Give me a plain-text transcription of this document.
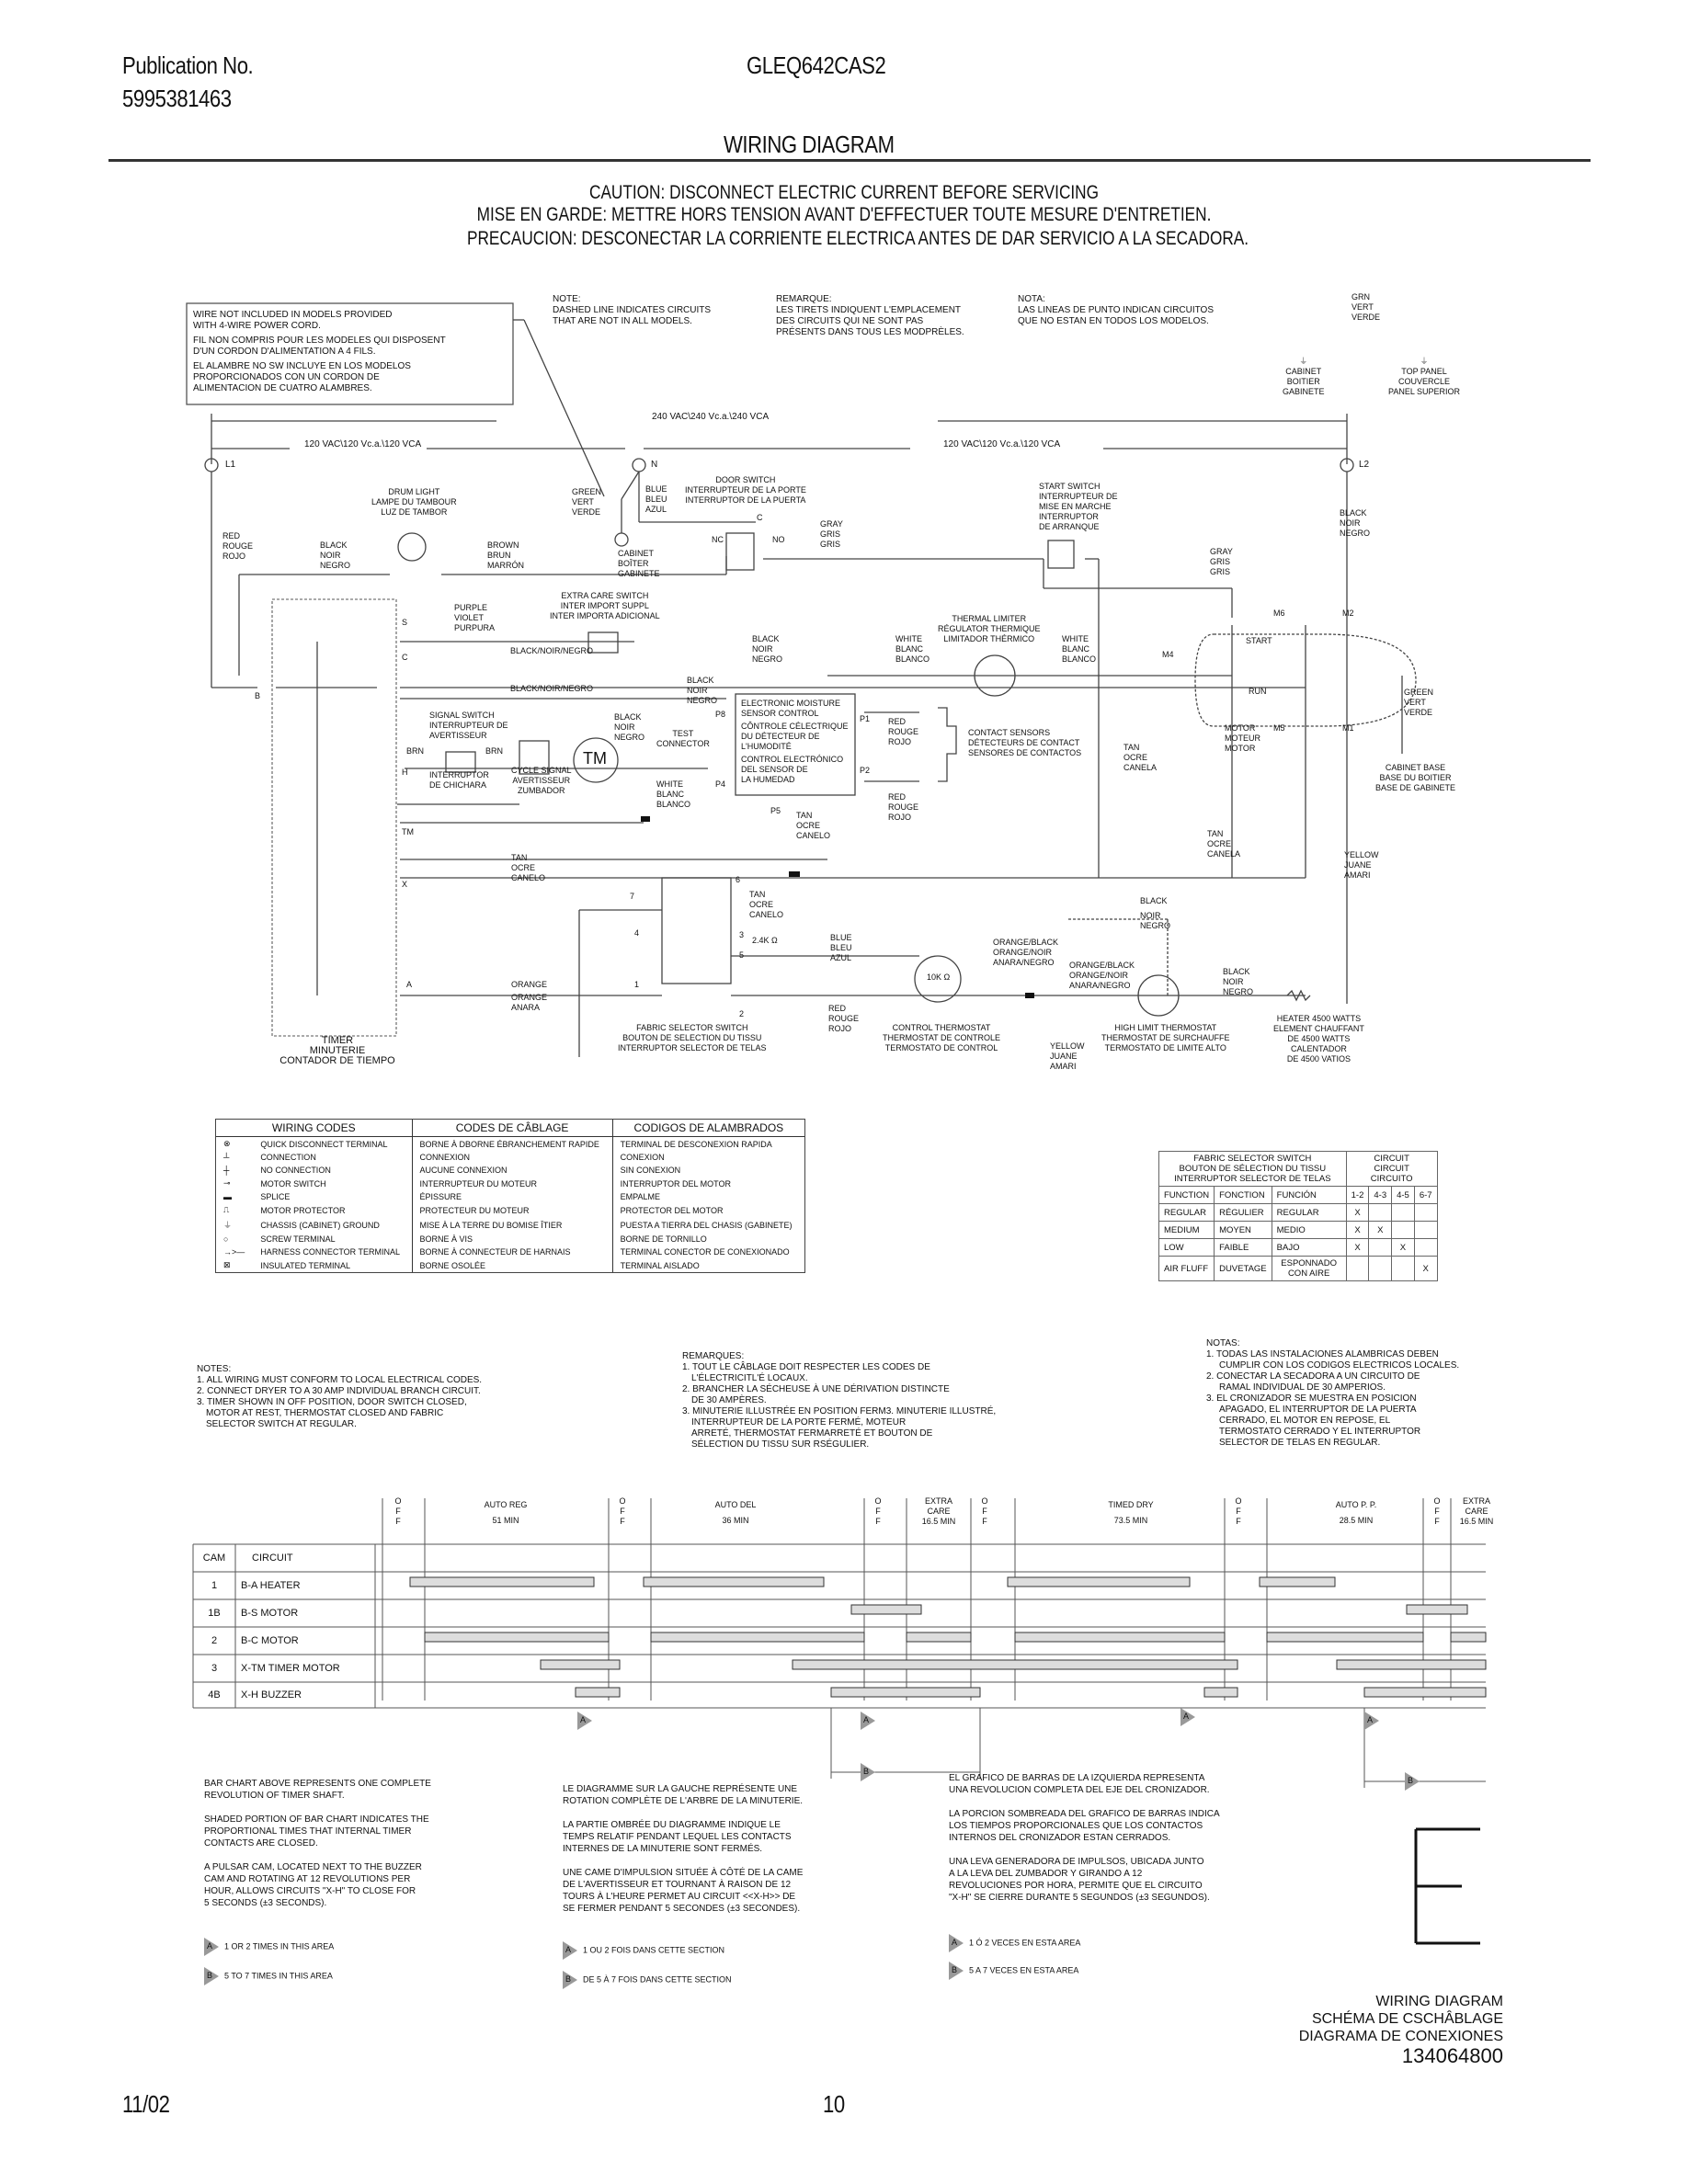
Publication No.
5995381463
GLEQ642CAS2
WIRING DIAGRAM
CAUTION: DISCONNECT ELECTRIC CURRENT BEFORE SERVICING
MISE EN GARDE: METTRE HORS TENSION AVANT D'EFFECTUER TOUTE MESURE D'ENTRETIEN.
PRECAUCION: DESCONECTAR LA CORRIENTE ELECTRICA ANTES DE DAR SERVICIO A LA SECADORA.
WIRE NOT INCLUDED IN MODELS PROVIDED
WITH 4-WIRE POWER CORD.
FIL NON COMPRIS POUR LES MODELES QUI DISPOSENT
D'UN CORDON D'ALIMENTATION A 4 FILS.
EL ALAMBRE NO SW INCLUYE EN LOS MODELOS
PROPORCIONADOS CON UN CORDON DE
ALIMENTACION DE CUATRO ALAMBRES.
NOTE:
DASHED LINE INDICATES CIRCUITS
THAT ARE NOT IN ALL MODELS.
REMARQUE:
LES TIRETS INDIQUENT L'EMPLACEMENT
DES CIRCUITS QUI NE SONT PAS
PRÉSENTS DANS TOUS LES MODPRÈLES.
NOTA:
LAS LINEAS DE PUNTO INDICAN CIRCUITOS
QUE NO ESTAN EN TODOS LOS MODELOS.
GRN
VERT
VERDE
⏚
CABINET
BOITIER
GABINETE
⏚
TOP PANEL
COUVERCLE
PANEL SUPERIOR
240 VAC\240 Vc.a.\240 VCA
120 VAC\120 Vc.a.\120 VCA	120 VAC\120 Vc.a.\120 VCA
L1	N	L2
DRUM LIGHT
LAMPE DU TAMBOUR
LUZ DE TAMBOR
RED
ROUGE
ROJO
BLACK
NOIR
NEGRO
BROWN
BRUN
MARRÓN
GREEN
VERT
VERDE
CABINET
BOÎTER
GABINETE
BLUE
BLEU
AZUL
DOOR SWITCH
INTERRUPTEUR DE LA PORTE
INTERRUPTOR DE LA PUERTA
C
NC	NO
GRAY
GRIS
GRIS
START SWITCH
INTERRUPTEUR DE
MISE EN MARCHE
INTERRUPTOR
DE ARRANQUE
GRAY
GRIS
GRIS
BLACK
NOIR
NEGRO
M6	M2
M4
M5	M1
START
RUN
MOTOR
MOTEUR
MOTOR
GREEN
VERT
VERDE
CABINET BASE
BASE DU BOITIER
BASE DE GABINETE
THERMAL LIMITER
RÉGULATOR THERMIQUE
LIMITADOR THÉRMICO
WHITE
BLANC
BLANCO
WHITE
BLANC
BLANCO
BLACK
NOIR
NEGRO
EXTRA CARE SWITCH
INTER IMPORT SUPPL
INTER IMPORTA ADICIONAL
PURPLE
VIOLET
PURPURA
BLACK/NOIR/NEGRO
BLACK/NOIR/NEGRO
S
C
B
H
TM
X
A
SIGNAL SWITCH
INTERRUPTEUR DE
AVERTISSEUR
INTERRUPTOR
DE CHICHARA
BRN	BRN
CYCLE SIGNAL
AVERTISSEUR
ZUMBADOR
TM
BLACK
NOIR
NEGRO	TEST
CONNECTOR
BLACK
NOIR
NEGRO
WHITE
BLANC
BLANCO
ELECTRONIC MOISTURE
SENSOR CONTROL
CÔNTROLE CÉLECTRIQUE
DU DÉTECTEUR DE
L'HUMODITÉ
CONTROL ELECTRÓNICO
DEL SENSOR DE
LA HUMEDAD
P8	P1
P2
P4
P5
RED
ROUGE
ROJO
RED
ROUGE
ROJO
TAN
OCRE
CANELO
CONTACT SENSORS
DÉTECTEURS DE CONTACT
SENSORES DE CONTACTOS
TAN
OCRE
CANELA
TAN
OCRE
CANELA	YELLOW
JUANE
AMARI
TAN
OCRE
CANELO
TAN
OCRE
CANELO
ORANGE
ORANGE
ANARA
7
6
4	3
5
1
2
2.4K Ω
FABRIC SELECTOR SWITCH
BOUTON DE SELECTION DU TISSU
INTERRUPTOR SELECTOR DE TELAS
BLUE
BLEU
AZUL
RED
ROUGE
ROJO
10K Ω
CONTROL THERMOSTAT
THERMOSTAT DE CONTROLE
TERMOSTATO DE CONTROL
ORANGE/BLACK
ORANGE/NOIR
ANARA/NEGRO	ORANGE/BLACK
ORANGE/NOIR
ANARA/NEGRO
BLACK
NOIR
NEGRO
BLACK
NOIR
NEGRO
YELLOW
JUANE
AMARI
HIGH LIMIT THERMOSTAT
THERMOSTAT DE SURCHAUFFE
TERMOSTATO DE LIMITE ALTO
HEATER 4500 WATTS
ELEMENT CHAUFFANT
DE 4500 WATTS
CALENTADOR
DE 4500 VATIOS
TIMER
MINUTERIE
CONTADOR DE TIEMPO
WIRING CODES		CODES DE CÂBLAGE	CODIGOS DE ALAMBRADOS
⊗	QUICK DISCONNECT TERMINAL	BORNE À DBORNE ÉBRANCHEMENT RAPIDE	TERMINAL DE DESCONEXION RAPIDA
┴	CONNECTION	CONNEXION	CONEXION
┼	NO CONNECTION	AUCUNE CONNEXION	SIN CONEXION
⊸	MOTOR SWITCH	INTERRUPTEUR DU MOTEUR	INTERRUPTOR DEL MOTOR
▬	SPLICE	ÉPISSURE	EMPALME
⎍	MOTOR PROTECTOR	PROTECTEUR DU MOTEUR	PROTECTOR DEL MOTOR
⏚	CHASSIS (CABINET) GROUND	MISE À LA TERRE DU BOMISE ÎTIER	PUESTA A TIERRA DEL CHASIS (GABINETE)
○	SCREW TERMINAL	BORNE À VIS	BORNE DE TORNILLO
→>—	HARNESS CONNECTOR TERMINAL	BORNE À CONNECTEUR DE HARNAIS	TERMINAL CONECTOR DE CONEXIONADO
⊠	INSULATED TERMINAL	BORNE OSOLÉE	TERMINAL AISLADO
FABRIC SELECTOR SWITCH
BOUTON DE SÉLECTION DU TISSU
INTERRUPTOR SELECTOR DE TELAS

CIRCUIT
CIRCUIT
CIRCUITO

FUNCTION	FONCTION	FUNCIÓN	1-2	4-3	4-5	6-7
REGULAR	RÉGULIER	REGULAR	X			
MEDIUM	MOYEN	MEDIO	X	X		
LOW	FAIBLE	BAJO	X		X	
AIR FLUFF	DUVETAGE	ESPONNADO CON AIRE				X
NOTES:
1. ALL WIRING MUST CONFORM TO LOCAL ELECTRICAL CODES.
2. CONNECT DRYER TO A 30 AMP INDIVIDUAL BRANCH CIRCUIT.
3. TIMER SHOWN IN OFF POSITION, DOOR SWITCH CLOSED,
MOTOR AT REST, THERMOSTAT CLOSED AND FABRIC
SELECTOR SWITCH AT REGULAR.
REMARQUES:
1. TOUT LE CÂBLAGE DOIT RESPECTER LES CODES DE
L'ÉLECTRICITL'É LOCAUX.
2. BRANCHER LA SÉCHEUSE À UNE DÉRIVATION DISTINCTE
DE 30 AMPÈRES.
3. MINUTERIE ILLUSTRÉE EN POSITION FERM3. MINUTERIE ILLUSTRÉ,
INTERRUPTEUR DE LA PORTE FERMÉ, MOTEUR
ARRETÉ, THERMOSTAT FERMARRETÉ ET BOUTON DE
SÉLECTION DU TISSU SUR RSÉGULIER.
NOTAS:
1. TODAS LAS INSTALACIONES ALAMBRICAS DEBEN
CUMPLIR CON LOS CODIGOS ELECTRICOS LOCALES.
2. CONECTAR LA SECADORA A UN CIRCUITO DE
RAMAL INDIVIDUAL DE 30 AMPERIOS.
3. EL CRONIZADOR SE MUESTRA EN POSICION
APAGADO, EL INTERRUPTOR DE LA PUERTA
CERRADO, EL MOTOR EN REPOSE, EL
TERMOSTATO CERRADO Y EL INTERRUPTOR
SELECTOR DE TELAS EN REGULAR.
O
F
F
AUTO REG
51 MIN
O
F
F
AUTO DEL
36 MIN
O
F
F
EXTRA CARE
16.5 MIN
O
F
F
TIMED DRY
73.5 MIN
O
F
F
AUTO P. P.
28.5 MIN
O
F
F
EXTRA CARE
16.5 MIN
CAM	CIRCUIT
1	B-A HEATER
1B	B-S MOTOR
2	B-C MOTOR
3	X-TM TIMER MOTOR
4B	X-H BUZZER
A	A	A	A
B
B
BAR CHART ABOVE REPRESENTS ONE COMPLETE
REVOLUTION OF TIMER SHAFT.

SHADED PORTION OF BAR CHART INDICATES THE
PROPORTIONAL TIMES THAT INTERNAL TIMER
CONTACTS ARE CLOSED.

A PULSAR CAM, LOCATED NEXT TO THE BUZZER
CAM AND ROTATING AT 12 REVOLUTIONS PER
HOUR, ALLOWS CIRCUITS "X-H" TO CLOSE FOR
5 SECONDS (±3 SECONDS).
LE DIAGRAMME SUR LA GAUCHE REPRÉSENTE UNE
ROTATION COMPLÈTE DE L'ARBRE DE LA MINUTERIE.

LA PARTIE OMBRÉE DU DIAGRAMME INDIQUE LE
TEMPS RELATIF PENDANT LEQUEL LES CONTACTS
INTERNES DE LA MINUTERIE SONT FERMÉS.

UNE CAME D'IMPULSION SITUÉE À CÔTÉ DE LA CAME
DE L'AVERTISSEUR ET TOURNANT À RAISON DE 12
TOURS À L'HEURE PERMET AU CIRCUIT <<X-H>> DE
SE FERMER PENDANT 5 SECONDES (±3 SECONDES).
EL GRAFICO DE BARRAS DE LA IZQUIERDA REPRESENTA
UNA REVOLUCION COMPLETA DEL EJE DEL CRONIZADOR.

LA PORCION SOMBREADA DEL GRAFICO DE BARRAS INDICA
LOS TIEMPOS PROPORCIONALES QUE LOS CONTACTOS
INTERNOS DEL CRONIZADOR ESTAN CERRADOS.

UNA LEVA GENERADORA DE IMPULSOS, UBICADA JUNTO
A LA LEVA DEL ZUMBADOR Y GIRANDO A 12
REVOLUCIONES POR HORA, PERMITE QUE EL CIRCUITO
"X-H" SE CIERRE DURANTE 5 SEGUNDOS (±3 SEGUNDOS).
A 1 OR 2 TIMES IN THIS AREA
B 5 TO 7 TIMES IN THIS AREA
A 1 OU 2 FOIS DANS CETTE SECTION
B DE 5 À 7 FOIS DANS CETTE SECTION
A 1 Ó 2 VECES EN ESTA AREA
B 5 A 7 VECES EN ESTA AREA
WIRING DIAGRAM
SCHÉMA DE CSCHÂBLAGE
DIAGRAMA DE CONEXIONES
134064800
11/02	10
